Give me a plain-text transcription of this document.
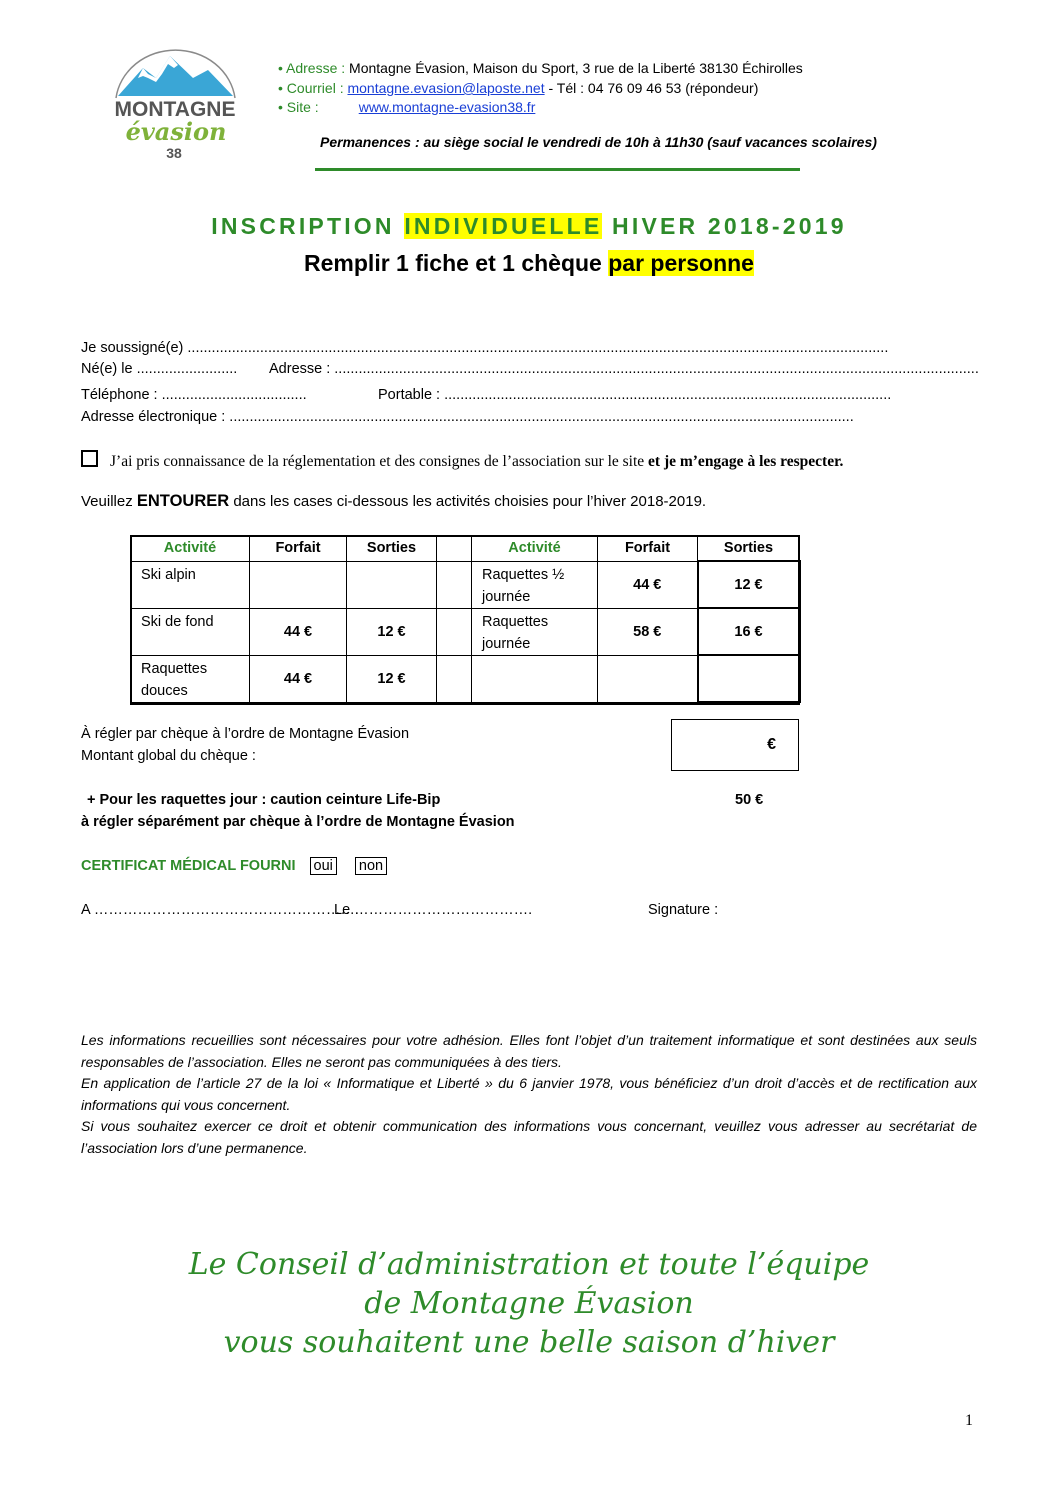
MONTAGNE
évasion
38
• Adresse : Montagne Évasion, Maison du Sport, 3 rue de la Liberté 38130 Échirolles
• Courriel : montagne.evasion@laposte.net - Tél : 04 76 09 46 53 (répondeur)
• Site :	www.montagne-evasion38.fr
Permanences : au siège social le vendredi de 10h à 11h30 (sauf vacances scolaires)
INSCRIPTION INDIVIDUELLE HIVER 2018-2019
Remplir 1 fiche et 1 chèque par personne
Je soussigné(e) ..............................................................................................................................................................................
Né(e) le ......................... Adresse : ................................................................................................................................................................
Téléphone : ....................................	Portable : ...............................................................................................................
Adresse électronique : ...........................................................................................................................................................
J’ai pris connaissance de la réglementation et des consignes de l’association sur le site et je m’engage à les respecter.
Veuillez ENTOURER dans les cases ci-dessous les activités choisies pour l’hiver 2018-2019.
Activité	Forfait	Sorties		Activité	Forfait	Sorties
Ski alpin				Raquettes ½ journée	44 €	12 €
Ski de fond	44 €	12 €		Raquettes journée	58 €	16 €
Raquettes douces	44 €	12 €				
À régler par chèque à l’ordre de Montagne Évasion
Montant global du chèque :
€
+ Pour les raquettes jour : caution ceinture Life-Bip	50 €
à régler séparément par chèque à l’ordre de Montagne Évasion
CERTIFICAT MÉDICAL FOURNI oui non
A ……………………………………………….
Le ……………………………….	Signature :
Les informations recueillies sont nécessaires pour votre adhésion. Elles font l’objet d’un traitement informatique et sont destinées aux seuls responsables de l’association. Elles ne seront pas communiquées à des tiers.
En application de l’article 27 de la loi « Informatique et Liberté » du 6 janvier 1978, vous bénéficiez d’un droit d’accès et de rectification aux informations qui vous concernent.
Si vous souhaitez exercer ce droit et obtenir communication des informations vous concernant, veuillez vous adresser au secrétariat de l’association lors d’une permanence.
Le Conseil d’administration et toute l’équipe
de Montagne Évasion
vous souhaitent une belle saison d’hiver
1
